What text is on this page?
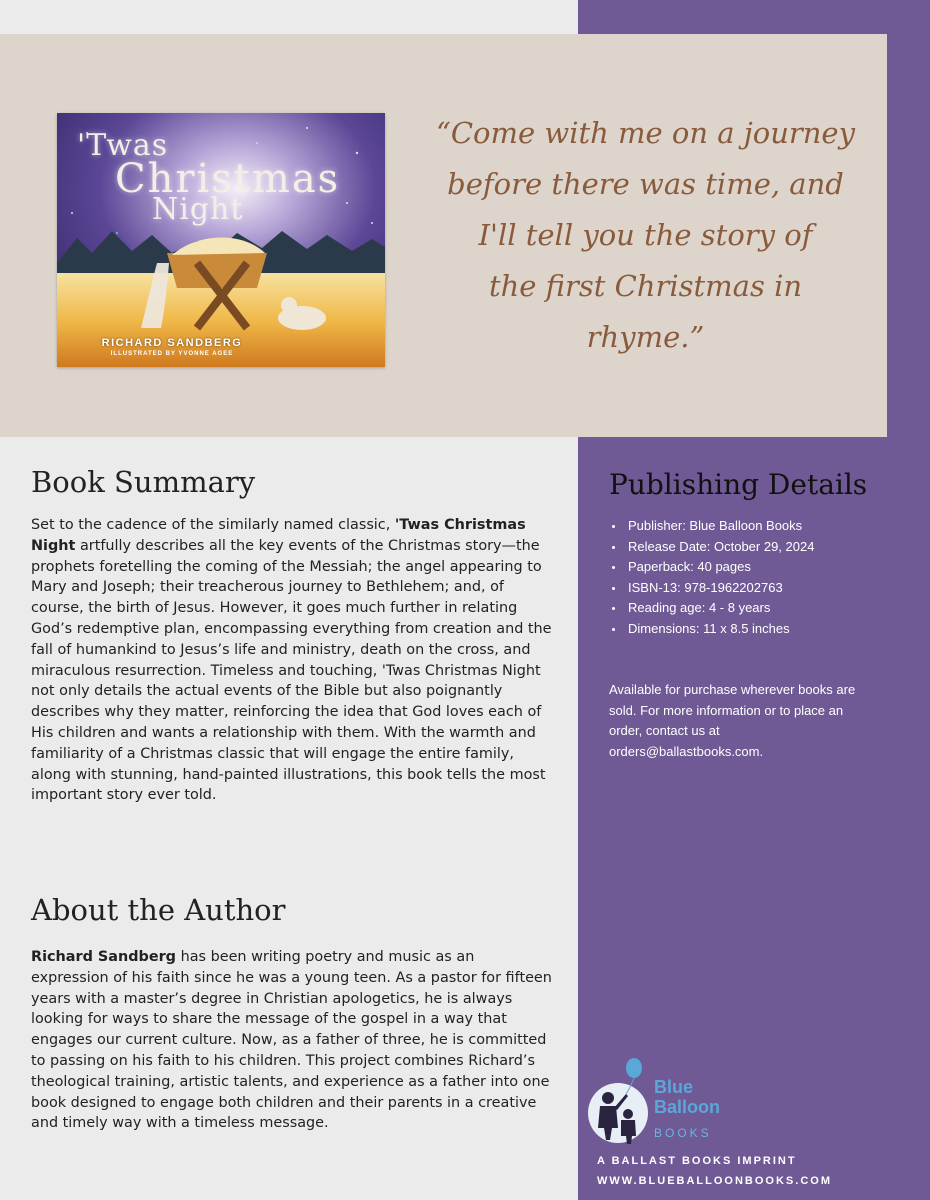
'Twas
Christmas
Night
RICHARD SANDBERG
ILLUSTRATED BY YVONNE AGEE
“Come with me on a journey
before there was time, and
I'll tell you the story of
the first Christmas in
rhyme.”
Book Summary
Set to the cadence of the similarly named classic, 'Twas Christmas Night artfully describes all the key events of the Christmas story—the prophets foretelling the coming of the Messiah; the angel appearing to Mary and Joseph; their treacherous journey to Bethlehem; and, of course, the birth of Jesus. However, it goes much further in relating God’s redemptive plan, encompassing everything from creation and the fall of humankind to Jesus’s life and ministry, death on the cross, and miraculous resurrection. Timeless and touching, 'Twas Christmas Night not only details the actual events of the Bible but also poignantly describes why they matter, reinforcing the idea that God loves each of His children and wants a relationship with them. With the warmth and familiarity of a Christmas classic that will engage the entire family, along with stunning, hand-painted illustrations, this book tells the most important story ever told.
About the Author
Richard Sandberg has been writing poetry and music as an expression of his faith since he was a young teen. As a pastor for fifteen years with a master’s degree in Christian apologetics, he is always looking for ways to share the message of the gospel in a way that engages our current culture. Now, as a father of three, he is committed to passing on his faith to his children. This project combines Richard’s theological training, artistic talents, and experience as a father into one book designed to engage both children and their parents in a creative and timely way with a timeless message.
Publishing Details
Publisher: Blue Balloon Books
Release Date: October 29, 2024
Paperback: 40 pages
ISBN-13: 978-1962202763
Reading age: 4 - 8 years
Dimensions: 11 x 8.5 inches
Available for purchase wherever books are sold. For more information or to place an order, contact us at orders@ballastbooks.com.
Blue
Balloon
BOOKS
A BALLAST BOOKS IMPRINT
WWW.BLUEBALLOONBOOKS.COM
